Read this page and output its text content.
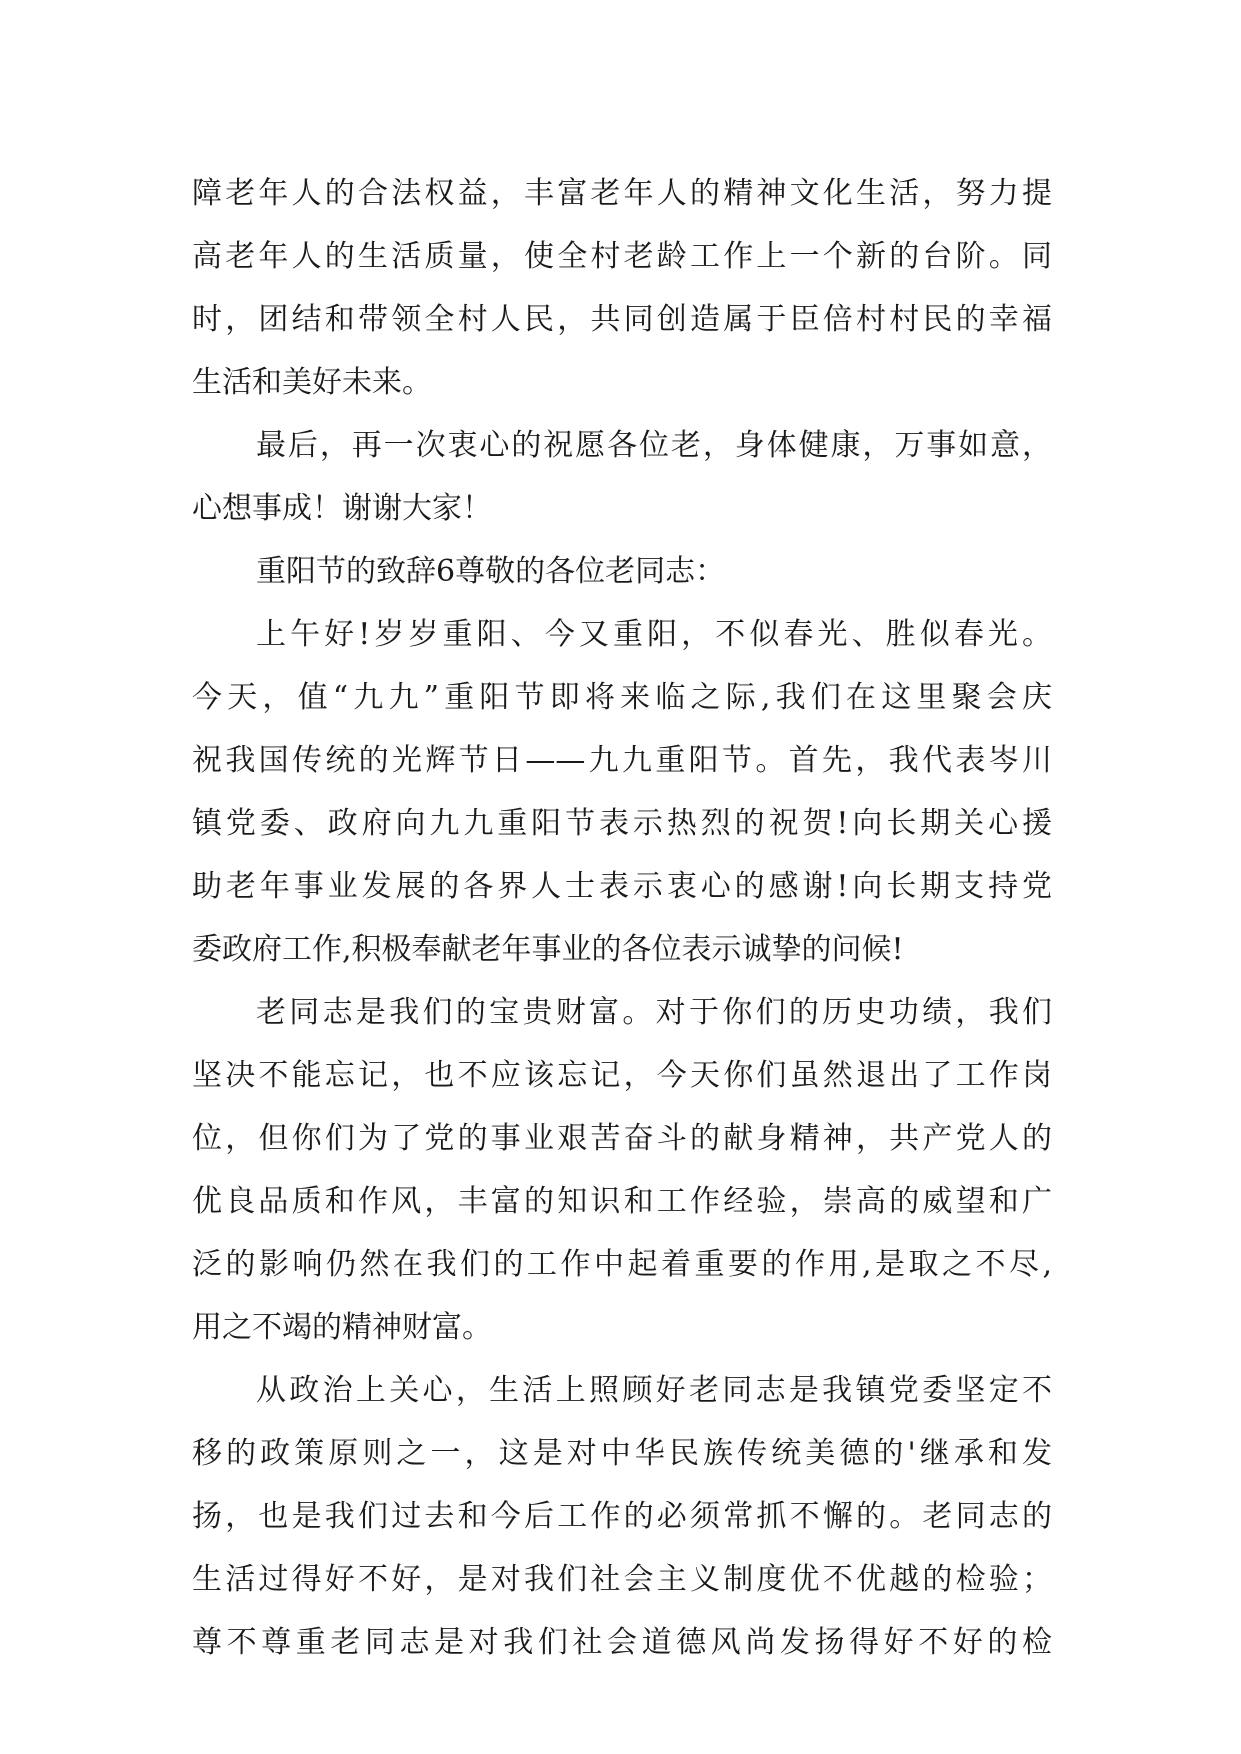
障老年人的合法权益，丰富老年人的精神文化生活，努力提
高老年人的生活质量，使全村老龄工作上一个新的台阶。同
时，团结和带领全村人民，共同创造属于臣倍村村民的幸福
生活和美好未来。
最后，再一次衷心的祝愿各位老，身体健康，万事如意，
心想事成！谢谢大家！
重阳节的致辞6尊敬的各位老同志：
上午好!岁岁重阳、今又重阳，不似春光、胜似春光。
今天，值“九九”重阳节即将来临之际,我们在这里聚会庆
祝我国传统的光辉节日——九九重阳节。首先，我代表岑川
镇党委、政府向九九重阳节表示热烈的祝贺!向长期关心援
助老年事业发展的各界人士表示衷心的感谢!向长期支持党
委政府工作,积极奉献老年事业的各位表示诚挚的问候!
老同志是我们的宝贵财富。对于你们的历史功绩，我们
坚决不能忘记，也不应该忘记，今天你们虽然退出了工作岗
位，但你们为了党的事业艰苦奋斗的献身精神，共产党人的
优良品质和作风，丰富的知识和工作经验，崇高的威望和广
泛的影响仍然在我们的工作中起着重要的作用,是取之不尽,
用之不竭的精神财富。
从政治上关心，生活上照顾好老同志是我镇党委坚定不
移的政策原则之一，这是对中华民族传统美德的'继承和发
扬，也是我们过去和今后工作的必须常抓不懈的。老同志的
生活过得好不好，是对我们社会主义制度优不优越的检验；
尊不尊重老同志是对我们社会道德风尚发扬得好不好的检
